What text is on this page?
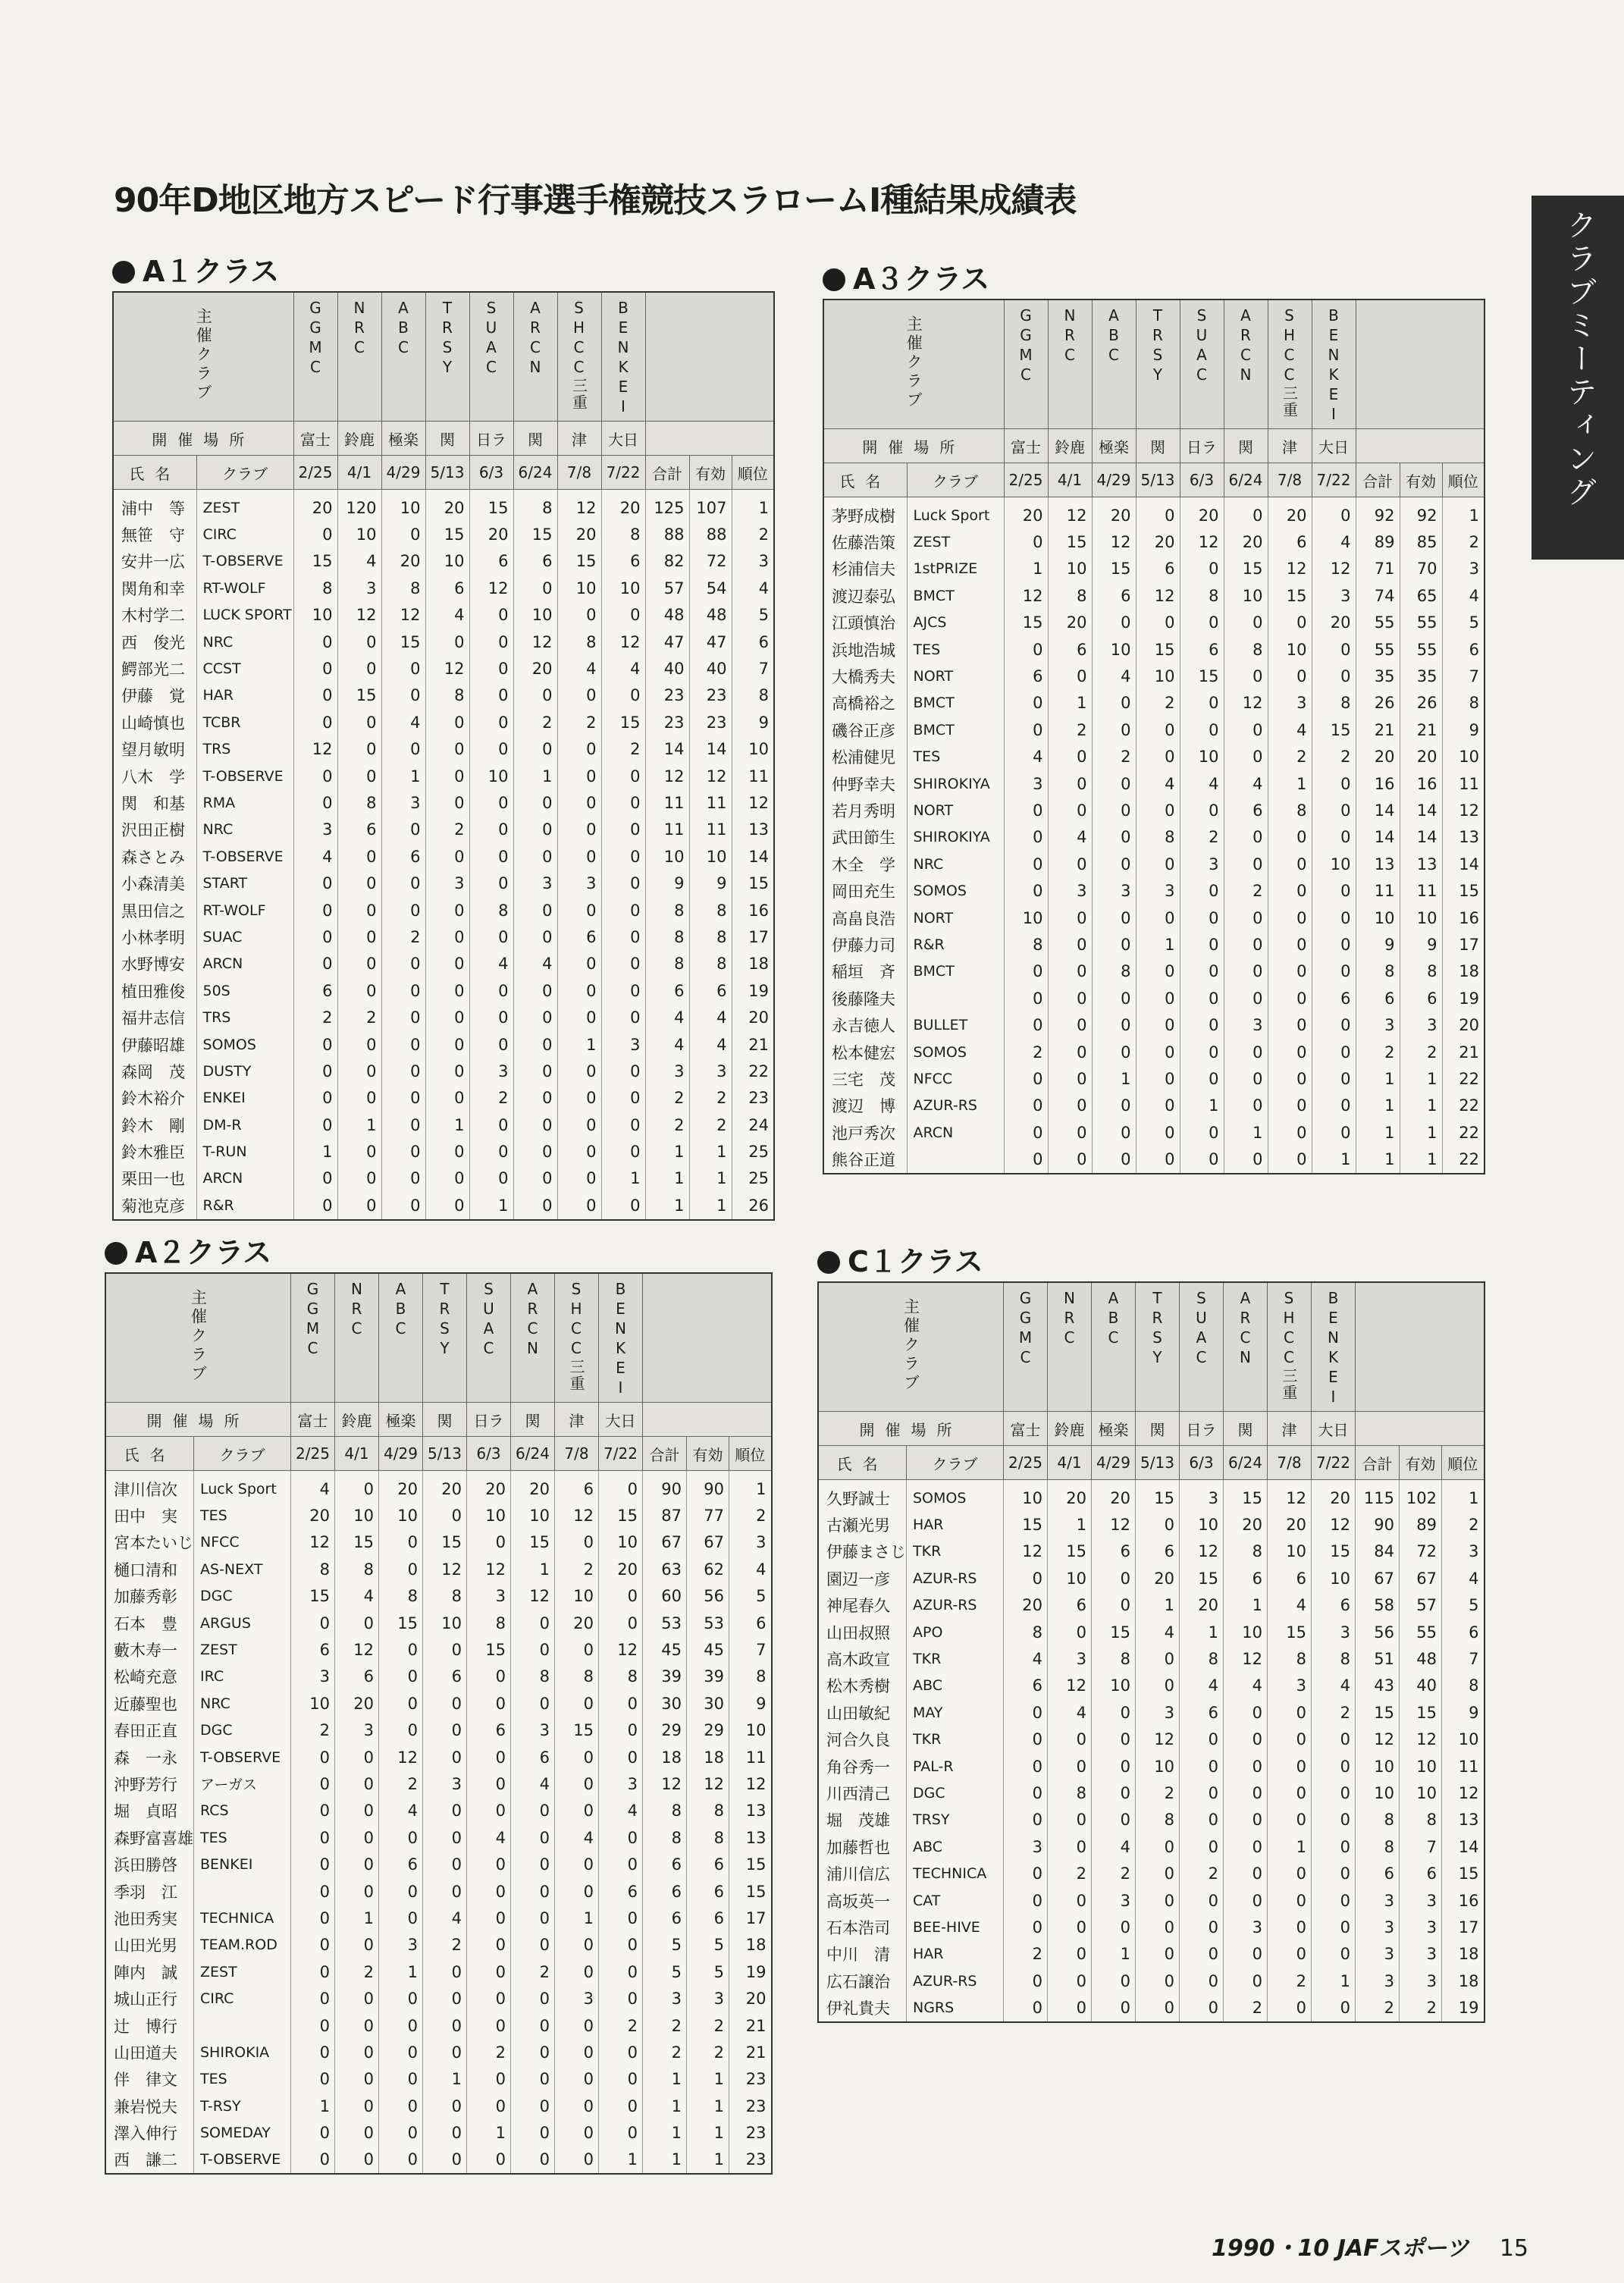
90年D地区地方スピード行事選手権競技スラロームⅠ種結果成績表
クラブミーティング
A１クラス
主催クラブ		GGMC	NRC	ABC	TRSY	SUAC	ARCN	SHCC三重	BENKEI			
開催場所		富士	鈴鹿	極楽	関	日ラ	関	津	大日			
氏名	クラブ	2/25	4/1	4/29	5/13	6/3	6/24	7/8	7/22	合計	有効	順位
浦中　等	ZEST	20	120	10	20	15	8	12	20	125	107	1
無笹　守	CIRC	0	10	0	15	20	15	20	8	88	88	2
安井一広	T-OBSERVE	15	4	20	10	6	6	15	6	82	72	3
関角和幸	RT-WOLF	8	3	8	6	12	0	10	10	57	54	4
木村学二	LUCK SPORT	10	12	12	4	0	10	0	0	48	48	5
西　俊光	NRC	0	0	15	0	0	12	8	12	47	47	6
鰐部光二	CCST	0	0	0	12	0	20	4	4	40	40	7
伊藤　覚	HAR	0	15	0	8	0	0	0	0	23	23	8
山崎慎也	TCBR	0	0	4	0	0	2	2	15	23	23	9
望月敏明	TRS	12	0	0	0	0	0	0	2	14	14	10
八木　学	T-OBSERVE	0	0	1	0	10	1	0	0	12	12	11
関　和基	RMA	0	8	3	0	0	0	0	0	11	11	12
沢田正樹	NRC	3	6	0	2	0	0	0	0	11	11	13
森さとみ	T-OBSERVE	4	0	6	0	0	0	0	0	10	10	14
小森清美	START	0	0	0	3	0	3	3	0	9	9	15
黒田信之	RT-WOLF	0	0	0	0	8	0	0	0	8	8	16
小林孝明	SUAC	0	0	2	0	0	0	6	0	8	8	17
水野博安	ARCN	0	0	0	0	4	4	0	0	8	8	18
植田雅俊	50S	6	0	0	0	0	0	0	0	6	6	19
福井志信	TRS	2	2	0	0	0	0	0	0	4	4	20
伊藤昭雄	SOMOS	0	0	0	0	0	0	1	3	4	4	21
森岡　茂	DUSTY	0	0	0	0	3	0	0	0	3	3	22
鈴木裕介	ENKEI	0	0	0	0	2	0	0	0	2	2	23
鈴木　剛	DM-R	0	1	0	1	0	0	0	0	2	2	24
鈴木雅臣	T-RUN	1	0	0	0	0	0	0	0	1	1	25
栗田一也	ARCN	0	0	0	0	0	0	0	1	1	1	25
菊池克彦	R&R	0	0	0	0	1	0	0	0	1	1	26
A３クラス
主催クラブ		GGMC	NRC	ABC	TRSY	SUAC	ARCN	SHCC三重	BENKEI			
開催場所		富士	鈴鹿	極楽	関	日ラ	関	津	大日			
氏名	クラブ	2/25	4/1	4/29	5/13	6/3	6/24	7/8	7/22	合計	有効	順位
茅野成樹	Luck Sport	20	12	20	0	20	0	20	0	92	92	1
佐藤浩策	ZEST	0	15	12	20	12	20	6	4	89	85	2
杉浦信夫	1stPRIZE	1	10	15	6	0	15	12	12	71	70	3
渡辺泰弘	BMCT	12	8	6	12	8	10	15	3	74	65	4
江頭慎治	AJCS	15	20	0	0	0	0	0	20	55	55	5
浜地浩城	TES	0	6	10	15	6	8	10	0	55	55	6
大橋秀夫	NORT	6	0	4	10	15	0	0	0	35	35	7
高橋裕之	BMCT	0	1	0	2	0	12	3	8	26	26	8
磯谷正彦	BMCT	0	2	0	0	0	0	4	15	21	21	9
松浦健児	TES	4	0	2	0	10	0	2	2	20	20	10
仲野幸夫	SHIROKIYA	3	0	0	4	4	4	1	0	16	16	11
若月秀明	NORT	0	0	0	0	0	6	8	0	14	14	12
武田節生	SHIROKIYA	0	4	0	8	2	0	0	0	14	14	13
木全　学	NRC	0	0	0	0	3	0	0	10	13	13	14
岡田充生	SOMOS	0	3	3	3	0	2	0	0	11	11	15
高畠良浩	NORT	10	0	0	0	0	0	0	0	10	10	16
伊藤力司	R&R	8	0	0	1	0	0	0	0	9	9	17
稲垣　斉	BMCT	0	0	8	0	0	0	0	0	8	8	18
後藤隆夫		0	0	0	0	0	0	0	6	6	6	19
永吉徳人	BULLET	0	0	0	0	0	3	0	0	3	3	20
松本健宏	SOMOS	2	0	0	0	0	0	0	0	2	2	21
三宅　茂	NFCC	0	0	1	0	0	0	0	0	1	1	22
渡辺　博	AZUR-RS	0	0	0	0	1	0	0	0	1	1	22
池戸秀次	ARCN	0	0	0	0	0	1	0	0	1	1	22
熊谷正道		0	0	0	0	0	0	0	1	1	1	22
A２クラス
主催クラブ		GGMC	NRC	ABC	TRSY	SUAC	ARCN	SHCC三重	BENKEI			
開催場所		富士	鈴鹿	極楽	関	日ラ	関	津	大日			
氏名	クラブ	2/25	4/1	4/29	5/13	6/3	6/24	7/8	7/22	合計	有効	順位
津川信次	Luck Sport	4	0	20	20	20	20	6	0	90	90	1
田中　実	TES	20	10	10	0	10	10	12	15	87	77	2
宮本たいじ	NFCC	12	15	0	15	0	15	0	10	67	67	3
樋口清和	AS-NEXT	8	8	0	12	12	1	2	20	63	62	4
加藤秀彰	DGC	15	4	8	8	3	12	10	0	60	56	5
石本　豊	ARGUS	0	0	15	10	8	0	20	0	53	53	6
藪木寿一	ZEST	6	12	0	0	15	0	0	12	45	45	7
松崎充意	IRC	3	6	0	6	0	8	8	8	39	39	8
近藤聖也	NRC	10	20	0	0	0	0	0	0	30	30	9
春田正直	DGC	2	3	0	0	6	3	15	0	29	29	10
森　一永	T-OBSERVE	0	0	12	0	0	6	0	0	18	18	11
沖野芳行	アーガス	0	0	2	3	0	4	0	3	12	12	12
堀　貞昭	RCS	0	0	4	0	0	0	0	4	8	8	13
森野富喜雄	TES	0	0	0	0	4	0	4	0	8	8	13
浜田勝啓	BENKEI	0	0	6	0	0	0	0	0	6	6	15
季羽　江		0	0	0	0	0	0	0	6	6	6	15
池田秀実	TECHNICA	0	1	0	4	0	0	1	0	6	6	17
山田光男	TEAM.ROD	0	0	3	2	0	0	0	0	5	5	18
陣内　誠	ZEST	0	2	1	0	0	2	0	0	5	5	19
城山正行	CIRC	0	0	0	0	0	0	3	0	3	3	20
辻　博行		0	0	0	0	0	0	0	2	2	2	21
山田道夫	SHIROKIA	0	0	0	0	2	0	0	0	2	2	21
伴　律文	TES	0	0	0	1	0	0	0	0	1	1	23
兼岩悦夫	T-RSY	1	0	0	0	0	0	0	0	1	1	23
澤入伸行	SOMEDAY	0	0	0	0	1	0	0	0	1	1	23
西　謙二	T-OBSERVE	0	0	0	0	0	0	0	1	1	1	23
C１クラス
主催クラブ		GGMC	NRC	ABC	TRSY	SUAC	ARCN	SHCC三重	BENKEI			
開催場所		富士	鈴鹿	極楽	関	日ラ	関	津	大日			
氏名	クラブ	2/25	4/1	4/29	5/13	6/3	6/24	7/8	7/22	合計	有効	順位
久野誠士	SOMOS	10	20	20	15	3	15	12	20	115	102	1
古瀬光男	HAR	15	1	12	0	10	20	20	12	90	89	2
伊藤まさじ	TKR	12	15	6	6	12	8	10	15	84	72	3
園辺一彦	AZUR-RS	0	10	0	20	15	6	6	10	67	67	4
神尾春久	AZUR-RS	20	6	0	1	20	1	4	6	58	57	5
山田叔照	APO	8	0	15	4	1	10	15	3	56	55	6
高木政宣	TKR	4	3	8	0	8	12	8	8	51	48	7
松木秀樹	ABC	6	12	10	0	4	4	3	4	43	40	8
山田敏紀	MAY	0	4	0	3	6	0	0	2	15	15	9
河合久良	TKR	0	0	0	12	0	0	0	0	12	12	10
角谷秀一	PAL-R	0	0	0	10	0	0	0	0	10	10	11
川西清己	DGC	0	8	0	2	0	0	0	0	10	10	12
堀　茂雄	TRSY	0	0	0	8	0	0	0	0	8	8	13
加藤哲也	ABC	3	0	4	0	0	0	1	0	8	7	14
浦川信広	TECHNICA	0	2	2	0	2	0	0	0	6	6	15
高坂英一	CAT	0	0	3	0	0	0	0	0	3	3	16
石本浩司	BEE-HIVE	0	0	0	0	0	3	0	0	3	3	17
中川　清	HAR	2	0	1	0	0	0	0	0	3	3	18
広石譲治	AZUR-RS	0	0	0	0	0	0	2	1	3	3	18
伊礼貴夫	NGRS	0	0	0	0	0	2	0	0	2	2	19
1990・10 JAFスポーツ 15
